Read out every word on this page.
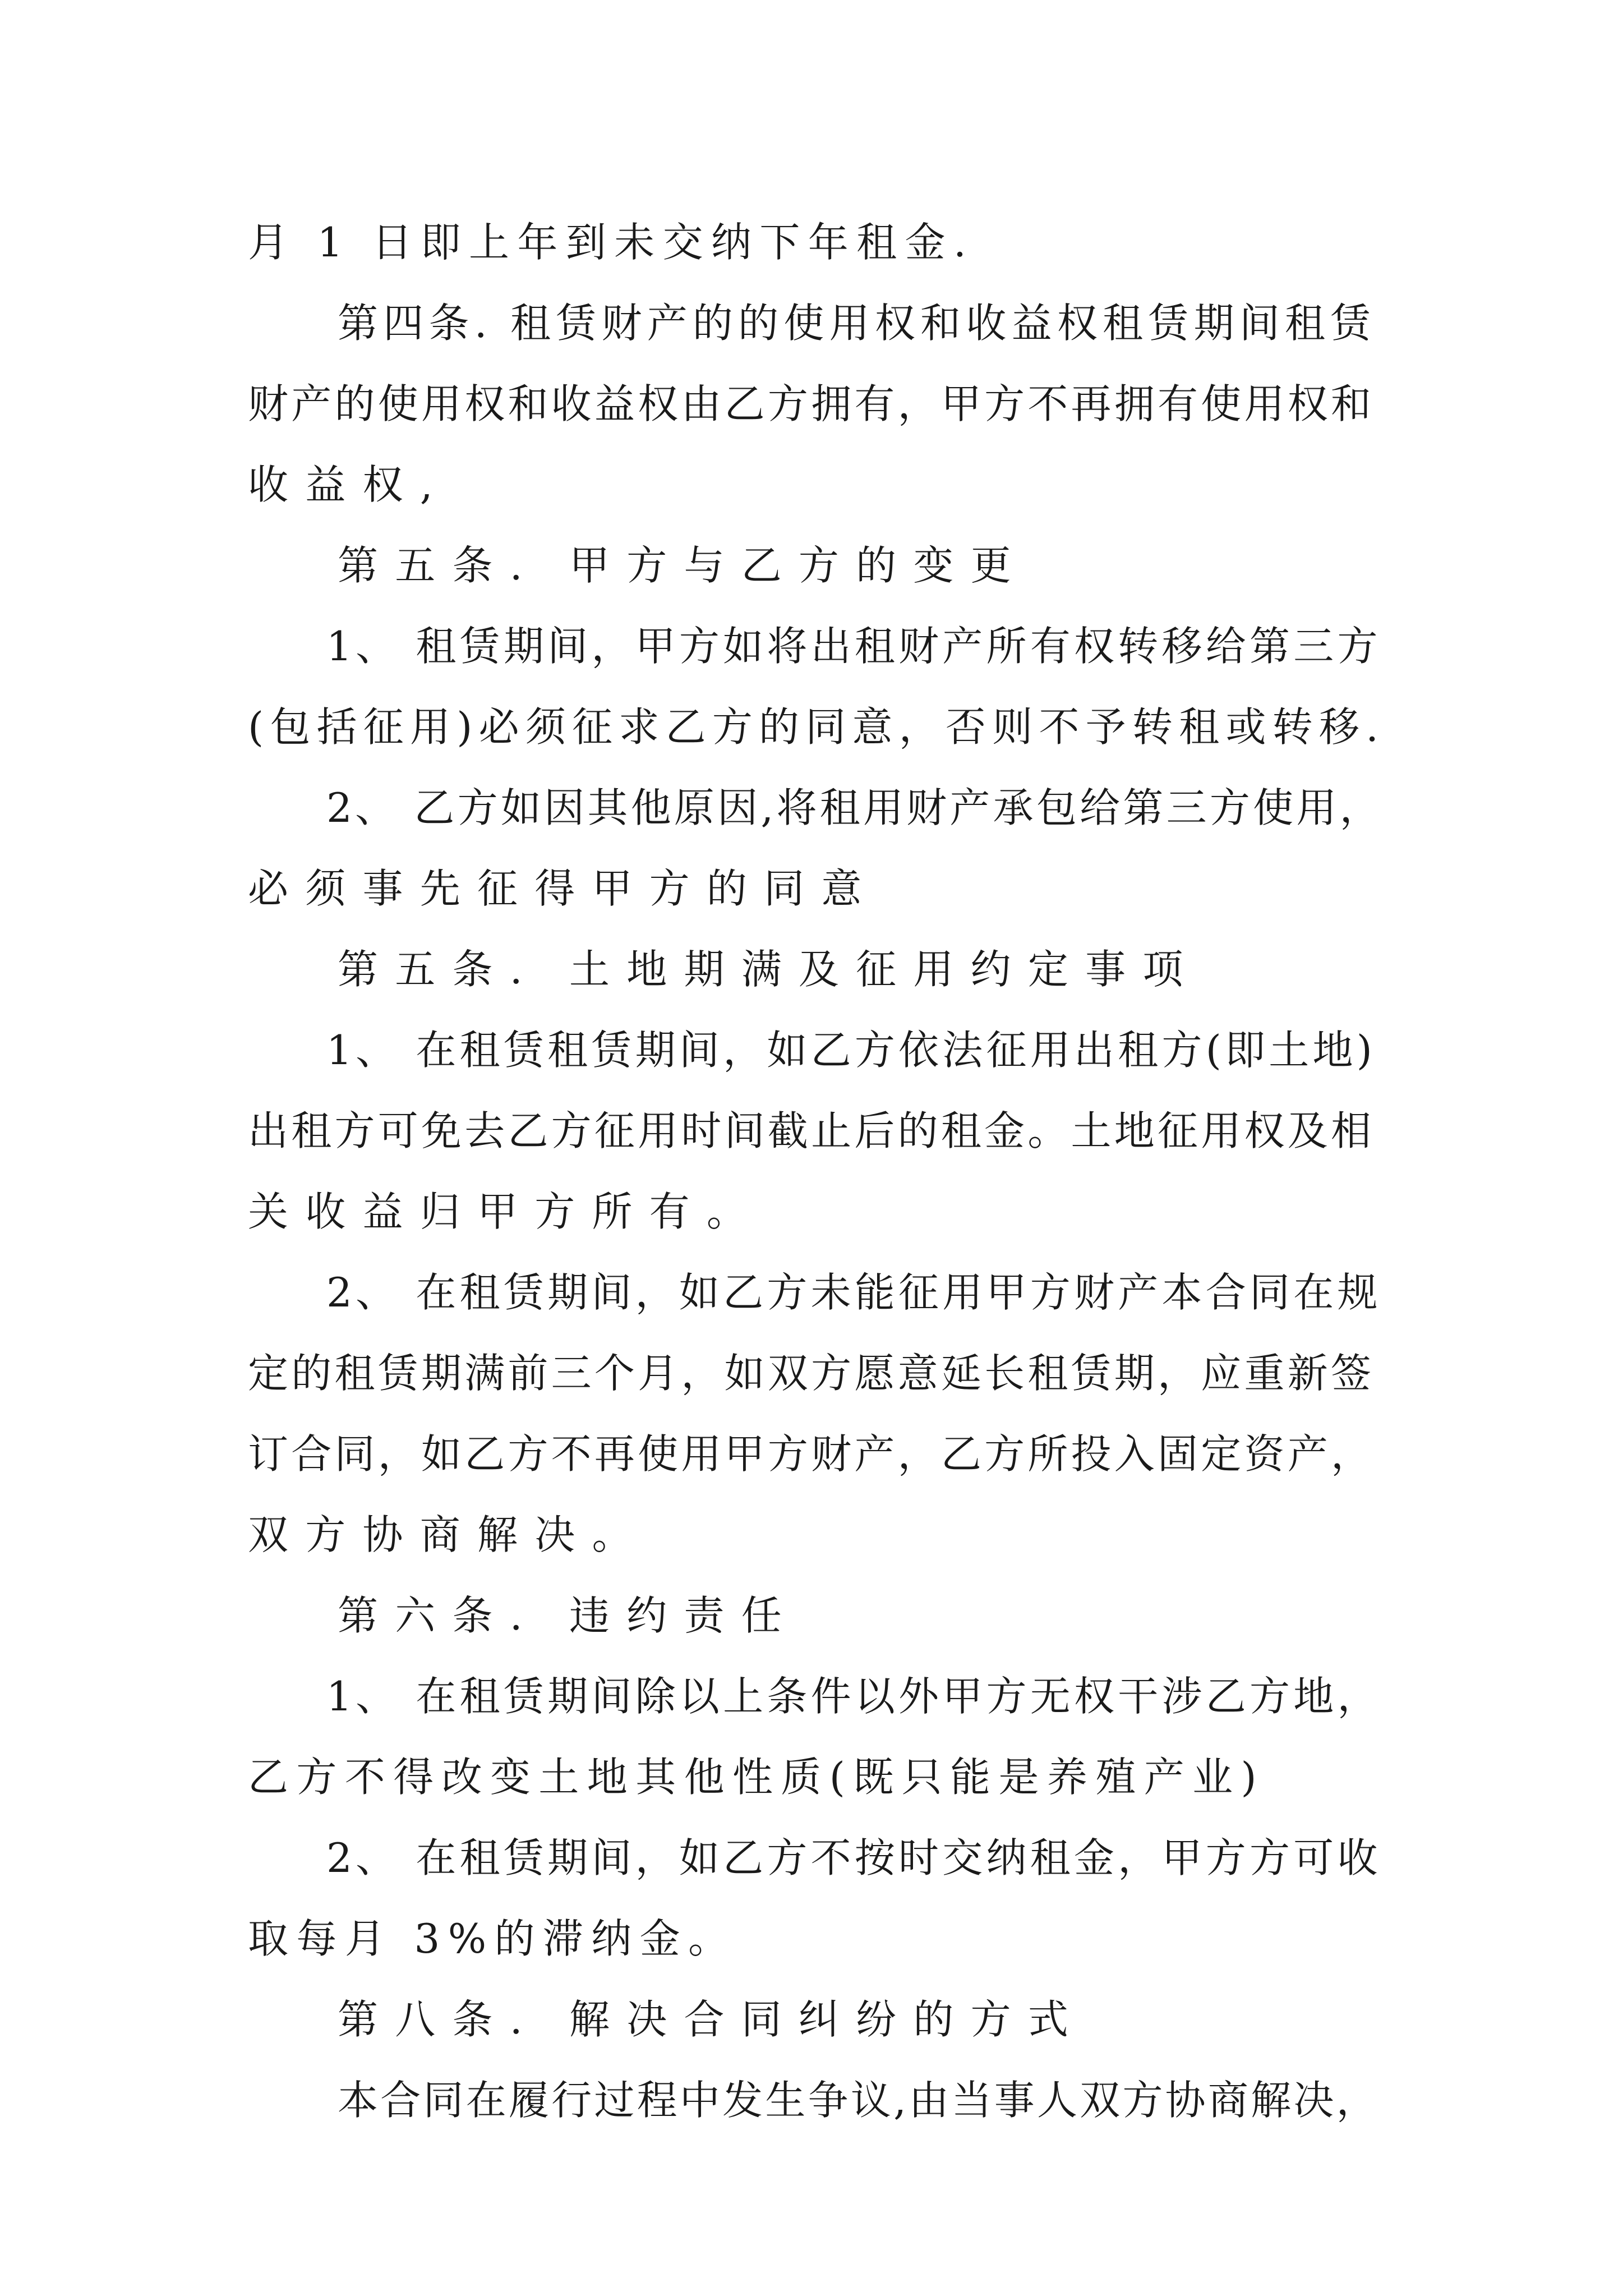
月 1 日即上年到未交纳下年租金.
第四条. 租赁财产的的使用权和收益权租赁期间租赁
财产的使用权和收益权由乙方拥有，甲方不再拥有使用权和
收益权,
第五条. 甲方与乙方的变更
1、 租赁期间，甲方如将出租财产所有权转移给第三方
(包括征用)必须征求乙方的同意，否则不予转租或转移.
2、 乙方如因其他原因,将租用财产承包给第三方使用，
必须事先征得甲方的同意
第五条. 土地期满及征用约定事项
1、 在租赁租赁期间，如乙方依法征用出租方(即土地)
出租方可免去乙方征用时间截止后的租金。土地征用权及相
关收益归甲方所有。
2、 在租赁期间，如乙方未能征用甲方财产本合同在规
定的租赁期满前三个月，如双方愿意延长租赁期，应重新签
订合同，如乙方不再使用甲方财产，乙方所投入固定资产，
双方协商解决。
第六条. 违约责任
1、 在租赁期间除以上条件以外甲方无权干涉乙方地，
乙方不得改变土地其他性质(既只能是养殖产业)
2、 在租赁期间，如乙方不按时交纳租金，甲方方可收
取每月 3%的滞纳金。
第八条. 解决合同纠纷的方式
本合同在履行过程中发生争议,由当事人双方协商解决，
